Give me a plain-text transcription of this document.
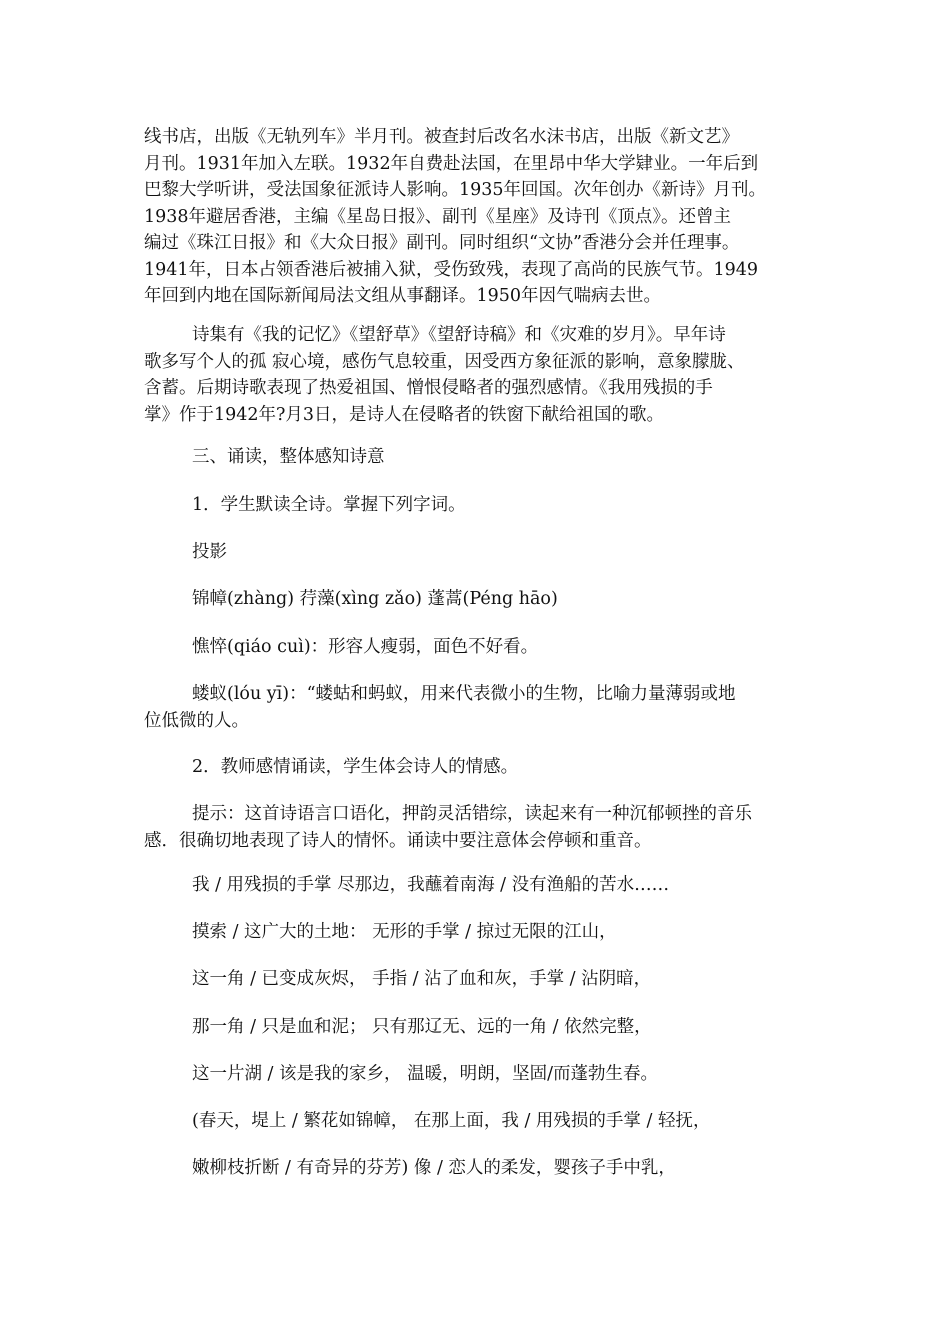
线书店，出版《无轨列车》半月刊。被查封后改名水沫书店，出版《新文艺》
月刊。1931年加入左联。1932年自费赴法国，在里昂中华大学肄业。一年后到
巴黎大学听讲，受法国象征派诗人影响。1935年回国。次年创办《新诗》月刊。
1938年避居香港，主编《星岛日报》、副刊《星座》及诗刊《顶点》。还曾主
编过《珠江日报》和《大众日报》副刊。同时组织“文协”香港分会并任理事。
1941年，日本占领香港后被捕入狱，受伤致残，表现了高尚的民族气节。1949
年回到内地在国际新闻局法文组从事翻译。1950年因气喘病去世。

诗集有《我的记忆》《望舒草》《望舒诗稿》和《灾难的岁月》。早年诗
歌多写个人的孤 寂心境，感伤气息较重，因受西方象征派的影响，意象朦胧、
含蓄。后期诗歌表现了热爱祖国、憎恨侵略者的强烈感情。《我用残损的手
掌》作于1942年?月3日，是诗人在侵略者的铁窗下献给祖国的歌。

三、诵读，整体感知诗意

1．学生默读全诗。掌握下列字词。

投影

锦幛(zhàng) 荇藻(xìng zǎo) 蓬蒿(Péng hāo)

憔悴(qiáo cuì)：形容人瘦弱，面色不好看。

蝼蚁(lóu yī)：“蝼蛄和蚂蚁，用来代表微小的生物，比喻力量薄弱或地
位低微的人。

2．教师感情诵读，学生体会诗人的情感。

提示：这首诗语言口语化，押韵灵活错综，读起来有一种沉郁顿挫的音乐
感．很确切地表现了诗人的情怀。诵读中要注意体会停顿和重音。

我 / 用残损的手掌 尽那边，我蘸着南海 / 没有渔船的苦水……

摸索 / 这广大的土地： 无形的手掌 / 掠过无限的江山，

这一角 / 已变成灰烬， 手指 / 沾了血和灰，手掌 / 沾阴暗，

那一角 / 只是血和泥； 只有那辽无、远的一角 / 依然完整，

这一片湖 / 该是我的家乡， 温暖，明朗，坚固/而蓬勃生春。

(春天，堤上 / 繁花如锦幛， 在那上面，我 / 用残损的手掌 / 轻抚，

嫩柳枝折断 / 有奇异的芬芳) 像 / 恋人的柔发，婴孩子手中乳，
